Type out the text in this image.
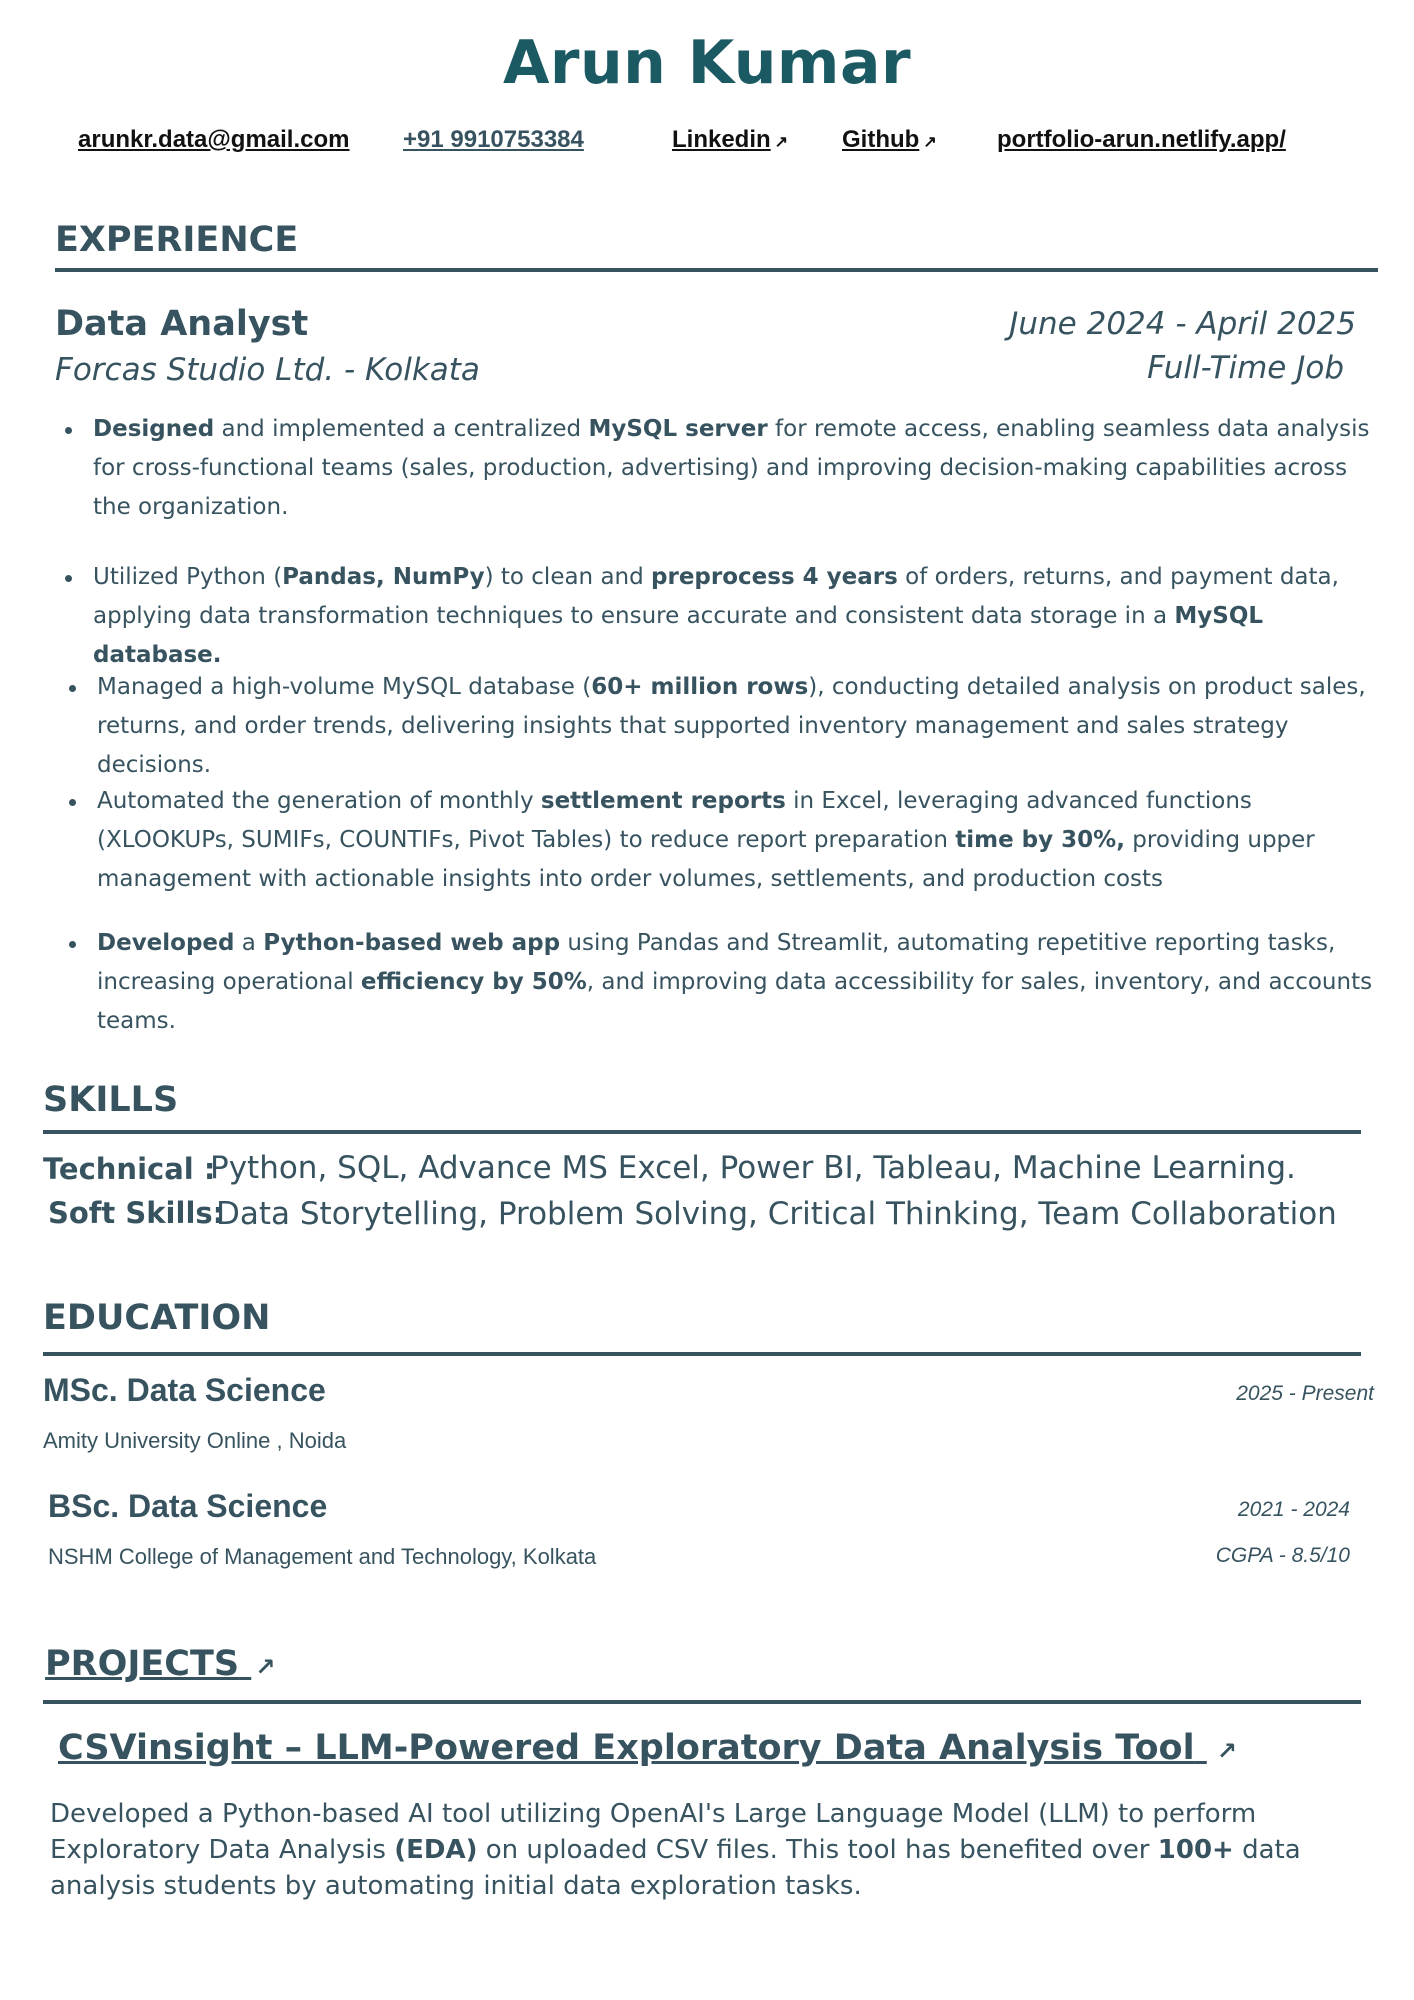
Arun Kumar
arunkr.data@gmail.com +91 9910753384	Linkedin ↗ Github ↗	portfolio-arun.netlify.app/
EXPERIENCE
Data Analyst
Forcas Studio Ltd. - Kolkata
June 2024 - April 2025
Full-Time Job
Designed and implemented a centralized MySQL server for remote access, enabling seamless data analysis for cross-functional teams (sales, production, advertising) and improving decision-making capabilities across the organization.
Utilized Python (Pandas, NumPy) to clean and preprocess 4 years of orders, returns, and payment data, applying data transformation techniques to ensure accurate and consistent data storage in a MySQL database.
Managed a high-volume MySQL database (60+ million rows), conducting detailed analysis on product sales, returns, and order trends, delivering insights that supported inventory management and sales strategy decisions.
Automated the generation of monthly settlement reports in Excel, leveraging advanced functions (XLOOKUPs, SUMIFs, COUNTIFs, Pivot Tables) to reduce report preparation time by 30%, providing upper management with actionable insights into order volumes, settlements, and production costs
Developed a Python-based web app using Pandas and Streamlit, automating repetitive reporting tasks, increasing operational efficiency by 50%, and improving data accessibility for sales, inventory, and accounts teams.
SKILLS
Technical :
Python, SQL, Advance MS Excel, Power BI, Tableau, Machine Learning.
Soft Skills:
Data Storytelling, Problem Solving, Critical Thinking, Team Collaboration
EDUCATION
MSc. Data Science
Amity University Online , Noida
2025 - Present
BSc. Data Science
NSHM College of Management and Technology, Kolkata
2021 - 2024
CGPA - 8.5/10
PROJECTS ↗
CSVinsight – LLM-Powered Exploratory Data Analysis Tool ↗
Developed a Python-based AI tool utilizing OpenAI's Large Language Model (LLM) to perform Exploratory Data Analysis (EDA) on uploaded CSV files. This tool has benefited over 100+ data analysis students by automating initial data exploration tasks.
